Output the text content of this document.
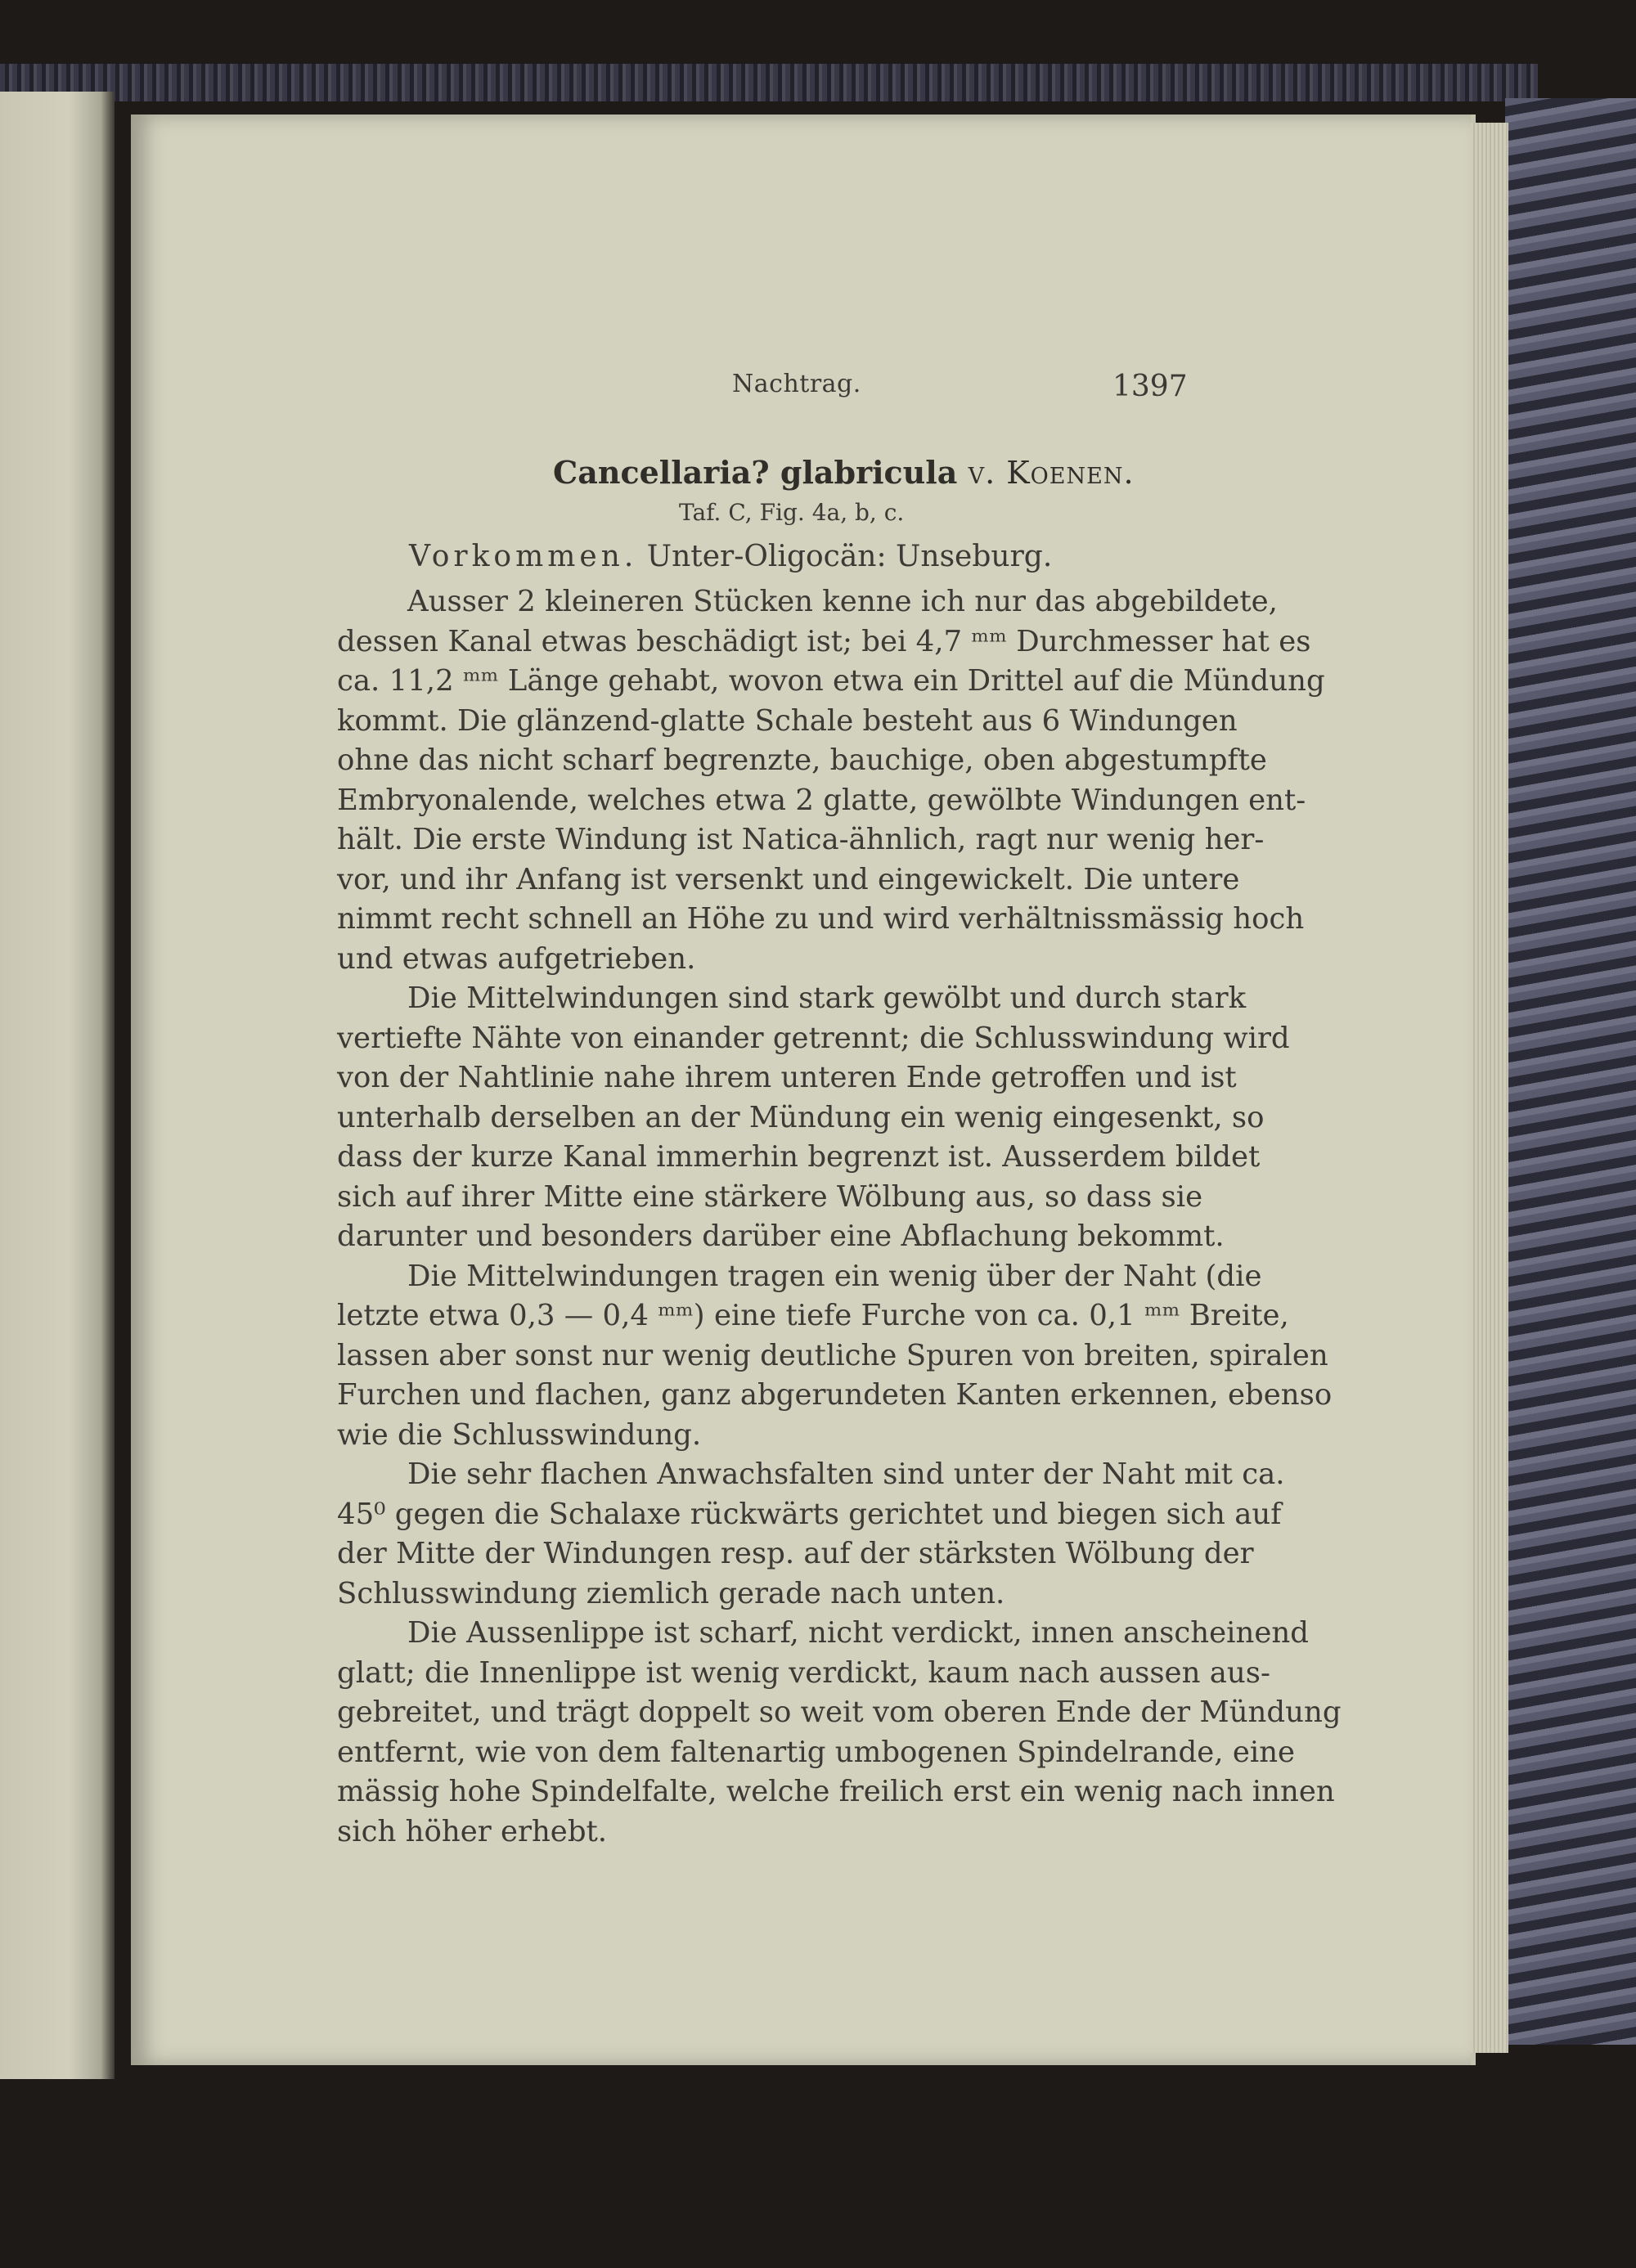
Nachtrag.	1397
Cancellaria? glabricula v. Koenen.
Taf. C, Fig. 4a, b, c.
Vorkommen. Unter-Oligocän: Unseburg.
Ausser 2 kleineren Stücken kenne ich nur das abgebildete,
dessen Kanal etwas beschädigt ist; bei 4,7 ᵐᵐ Durchmesser hat es
ca. 11,2 ᵐᵐ Länge gehabt, wovon etwa ein Drittel auf die Mündung
kommt. Die glänzend-glatte Schale besteht aus 6 Windungen
ohne das nicht scharf begrenzte, bauchige, oben abgestumpfte
Embryonalende, welches etwa 2 glatte, gewölbte Windungen ent-
hält. Die erste Windung ist Natica-ähnlich, ragt nur wenig her-
vor, und ihr Anfang ist versenkt und eingewickelt. Die untere
nimmt recht schnell an Höhe zu und wird verhältnissmässig hoch
und etwas aufgetrieben.
Die Mittelwindungen sind stark gewölbt und durch stark
vertiefte Nähte von einander getrennt; die Schlusswindung wird
von der Nahtlinie nahe ihrem unteren Ende getroffen und ist
unterhalb derselben an der Mündung ein wenig eingesenkt, so
dass der kurze Kanal immerhin begrenzt ist. Ausserdem bildet
sich auf ihrer Mitte eine stärkere Wölbung aus, so dass sie
darunter und besonders darüber eine Abflachung bekommt.
Die Mittelwindungen tragen ein wenig über der Naht (die
letzte etwa 0,3 — 0,4 ᵐᵐ) eine tiefe Furche von ca. 0,1 ᵐᵐ Breite,
lassen aber sonst nur wenig deutliche Spuren von breiten, spiralen
Furchen und flachen, ganz abgerundeten Kanten erkennen, ebenso
wie die Schlusswindung.
Die sehr flachen Anwachsfalten sind unter der Naht mit ca.
45⁰ gegen die Schalaxe rückwärts gerichtet und biegen sich auf
der Mitte der Windungen resp. auf der stärksten Wölbung der
Schlusswindung ziemlich gerade nach unten.
Die Aussenlippe ist scharf, nicht verdickt, innen anscheinend
glatt; die Innenlippe ist wenig verdickt, kaum nach aussen aus-
gebreitet, und trägt doppelt so weit vom oberen Ende der Mündung
entfernt, wie von dem faltenartig umbogenen Spindelrande, eine
mässig hohe Spindelfalte, welche freilich erst ein wenig nach innen
sich höher erhebt.
